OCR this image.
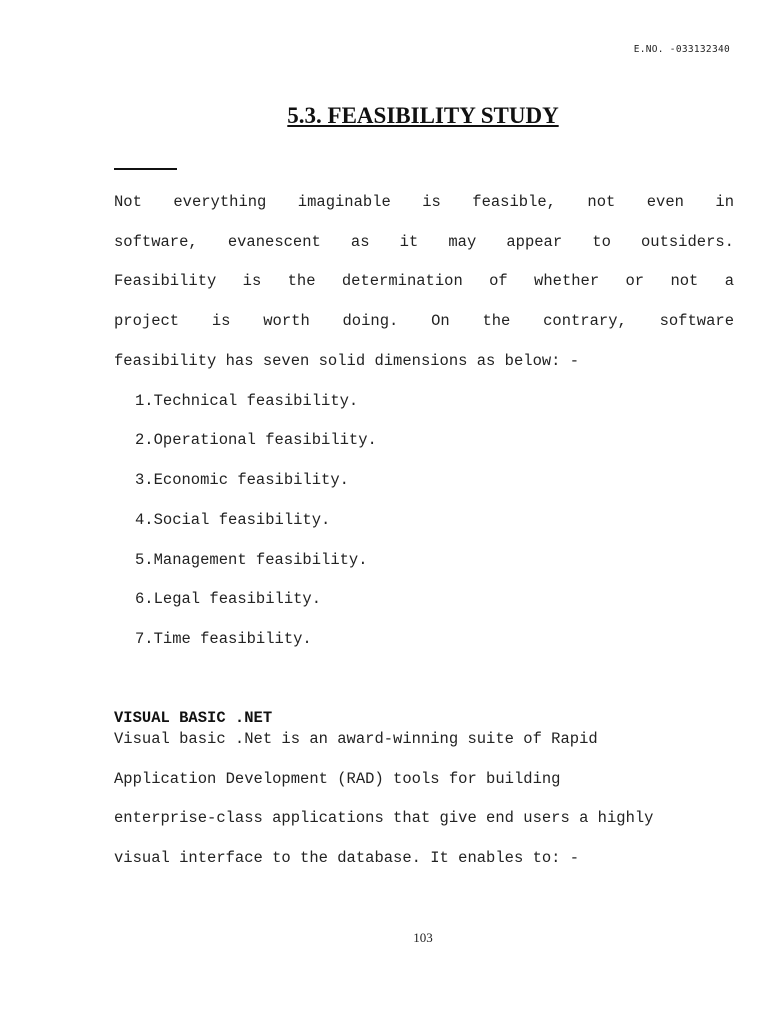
E.NO. -033132340
5.3. FEASIBILITY STUDY
Not everything imaginable is feasible, not even in
software, evanescent as it may appear to outsiders.
Feasibility is the determination of whether or not a
project is worth doing. On the contrary, software
feasibility has seven solid dimensions as below: -
1.Technical feasibility.
2.Operational feasibility.
3.Economic feasibility.
4.Social feasibility.
5.Management feasibility.
6.Legal feasibility.
7.Time feasibility.
VISUAL BASIC .NET
Visual basic .Net is an award-winning suite of Rapid
Application Development (RAD) tools for building
enterprise-class applications that give end users a highly
visual interface to the database. It enables to: -
103
